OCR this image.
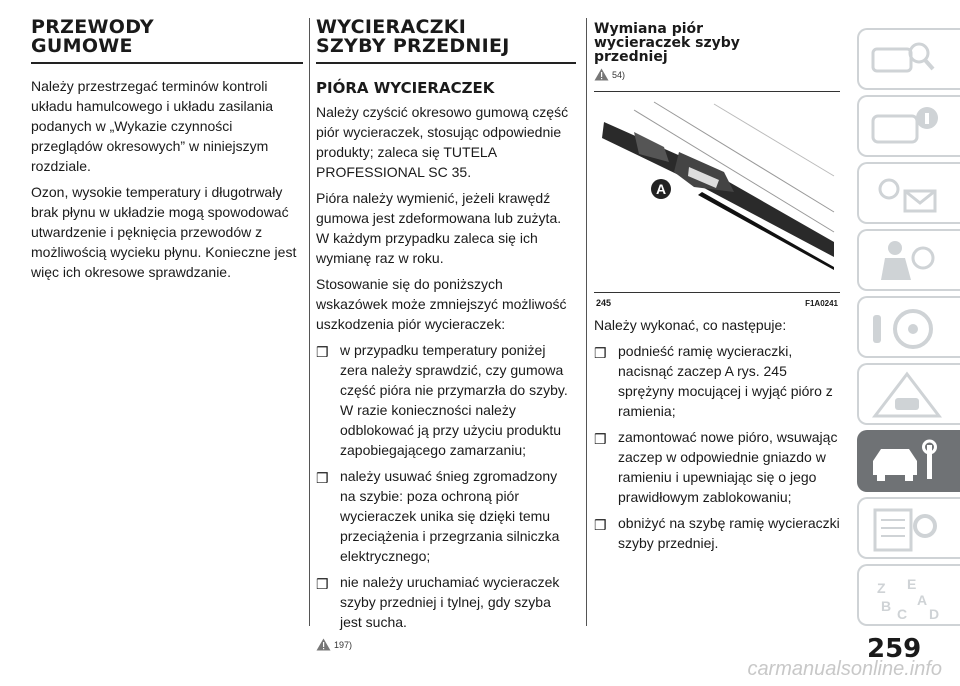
PRZEWODY
GUMOWE

Należy przestrzegać terminów kontroli układu hamulcowego i układu zasilania podanych w „Wykazie czynności przeglądów okresowych” w niniejszym rozdziale.

Ozon, wysokie temperatury i długotrwały brak płynu w układzie mogą spowodować utwardzenie i pęknięcia przewodów z możliwością wycieku płynu. Konieczne jest więc ich okresowe sprawdzanie.

WYCIERACZKI
SZYBY PRZEDNIEJ
PIÓRA WYCIERACZEK

Należy czyścić okresowo gumową część piór wycieraczek, stosując odpowiednie produkty; zaleca się TUTELA PROFESSIONAL SC 35.

Pióra należy wymienić, jeżeli krawędź gumowa jest zdeformowana lub zużyta. W każdym przypadku zaleca się ich wymianę raz w roku.

Stosowanie się do poniższych wskazówek może zmniejszyć możliwość uszkodzenia piór wycieraczek:

❒ w przypadku temperatury poniżej zera należy sprawdzić, czy gumowa część pióra nie przymarzła do szyby. W razie konieczności należy odblokować ją przy użyciu produktu zapobiegającego zamarzaniu;
❒ należy usuwać śnieg zgromadzony na szybie: poza ochroną piór wycieraczek unika się dzięki temu przeciążenia i przegrzania silniczka elektrycznego;
❒ nie należy uruchamiać wycieraczek szyby przedniej i tylnej, gdy szyba jest sucha.
197)
Wymiana piór
wycieraczek szyby
przedniej
54)
A
245	F1A0241

Należy wykonać, co następuje:

❒ podnieść ramię wycieraczki, nacisnąć zaczep A rys. 245 sprężyny mocującej i wyjąć pióro z ramienia;
❒ zamontować nowe pióro, wsuwając zaczep w odpowiednie gniazdo w ramieniu i upewniając się o jego prawidłowym zablokowaniu;
❒ obniżyć na szybę ramię wycieraczki szyby przedniej.
Z E
A
B C D
259
carmanualsonline.info
